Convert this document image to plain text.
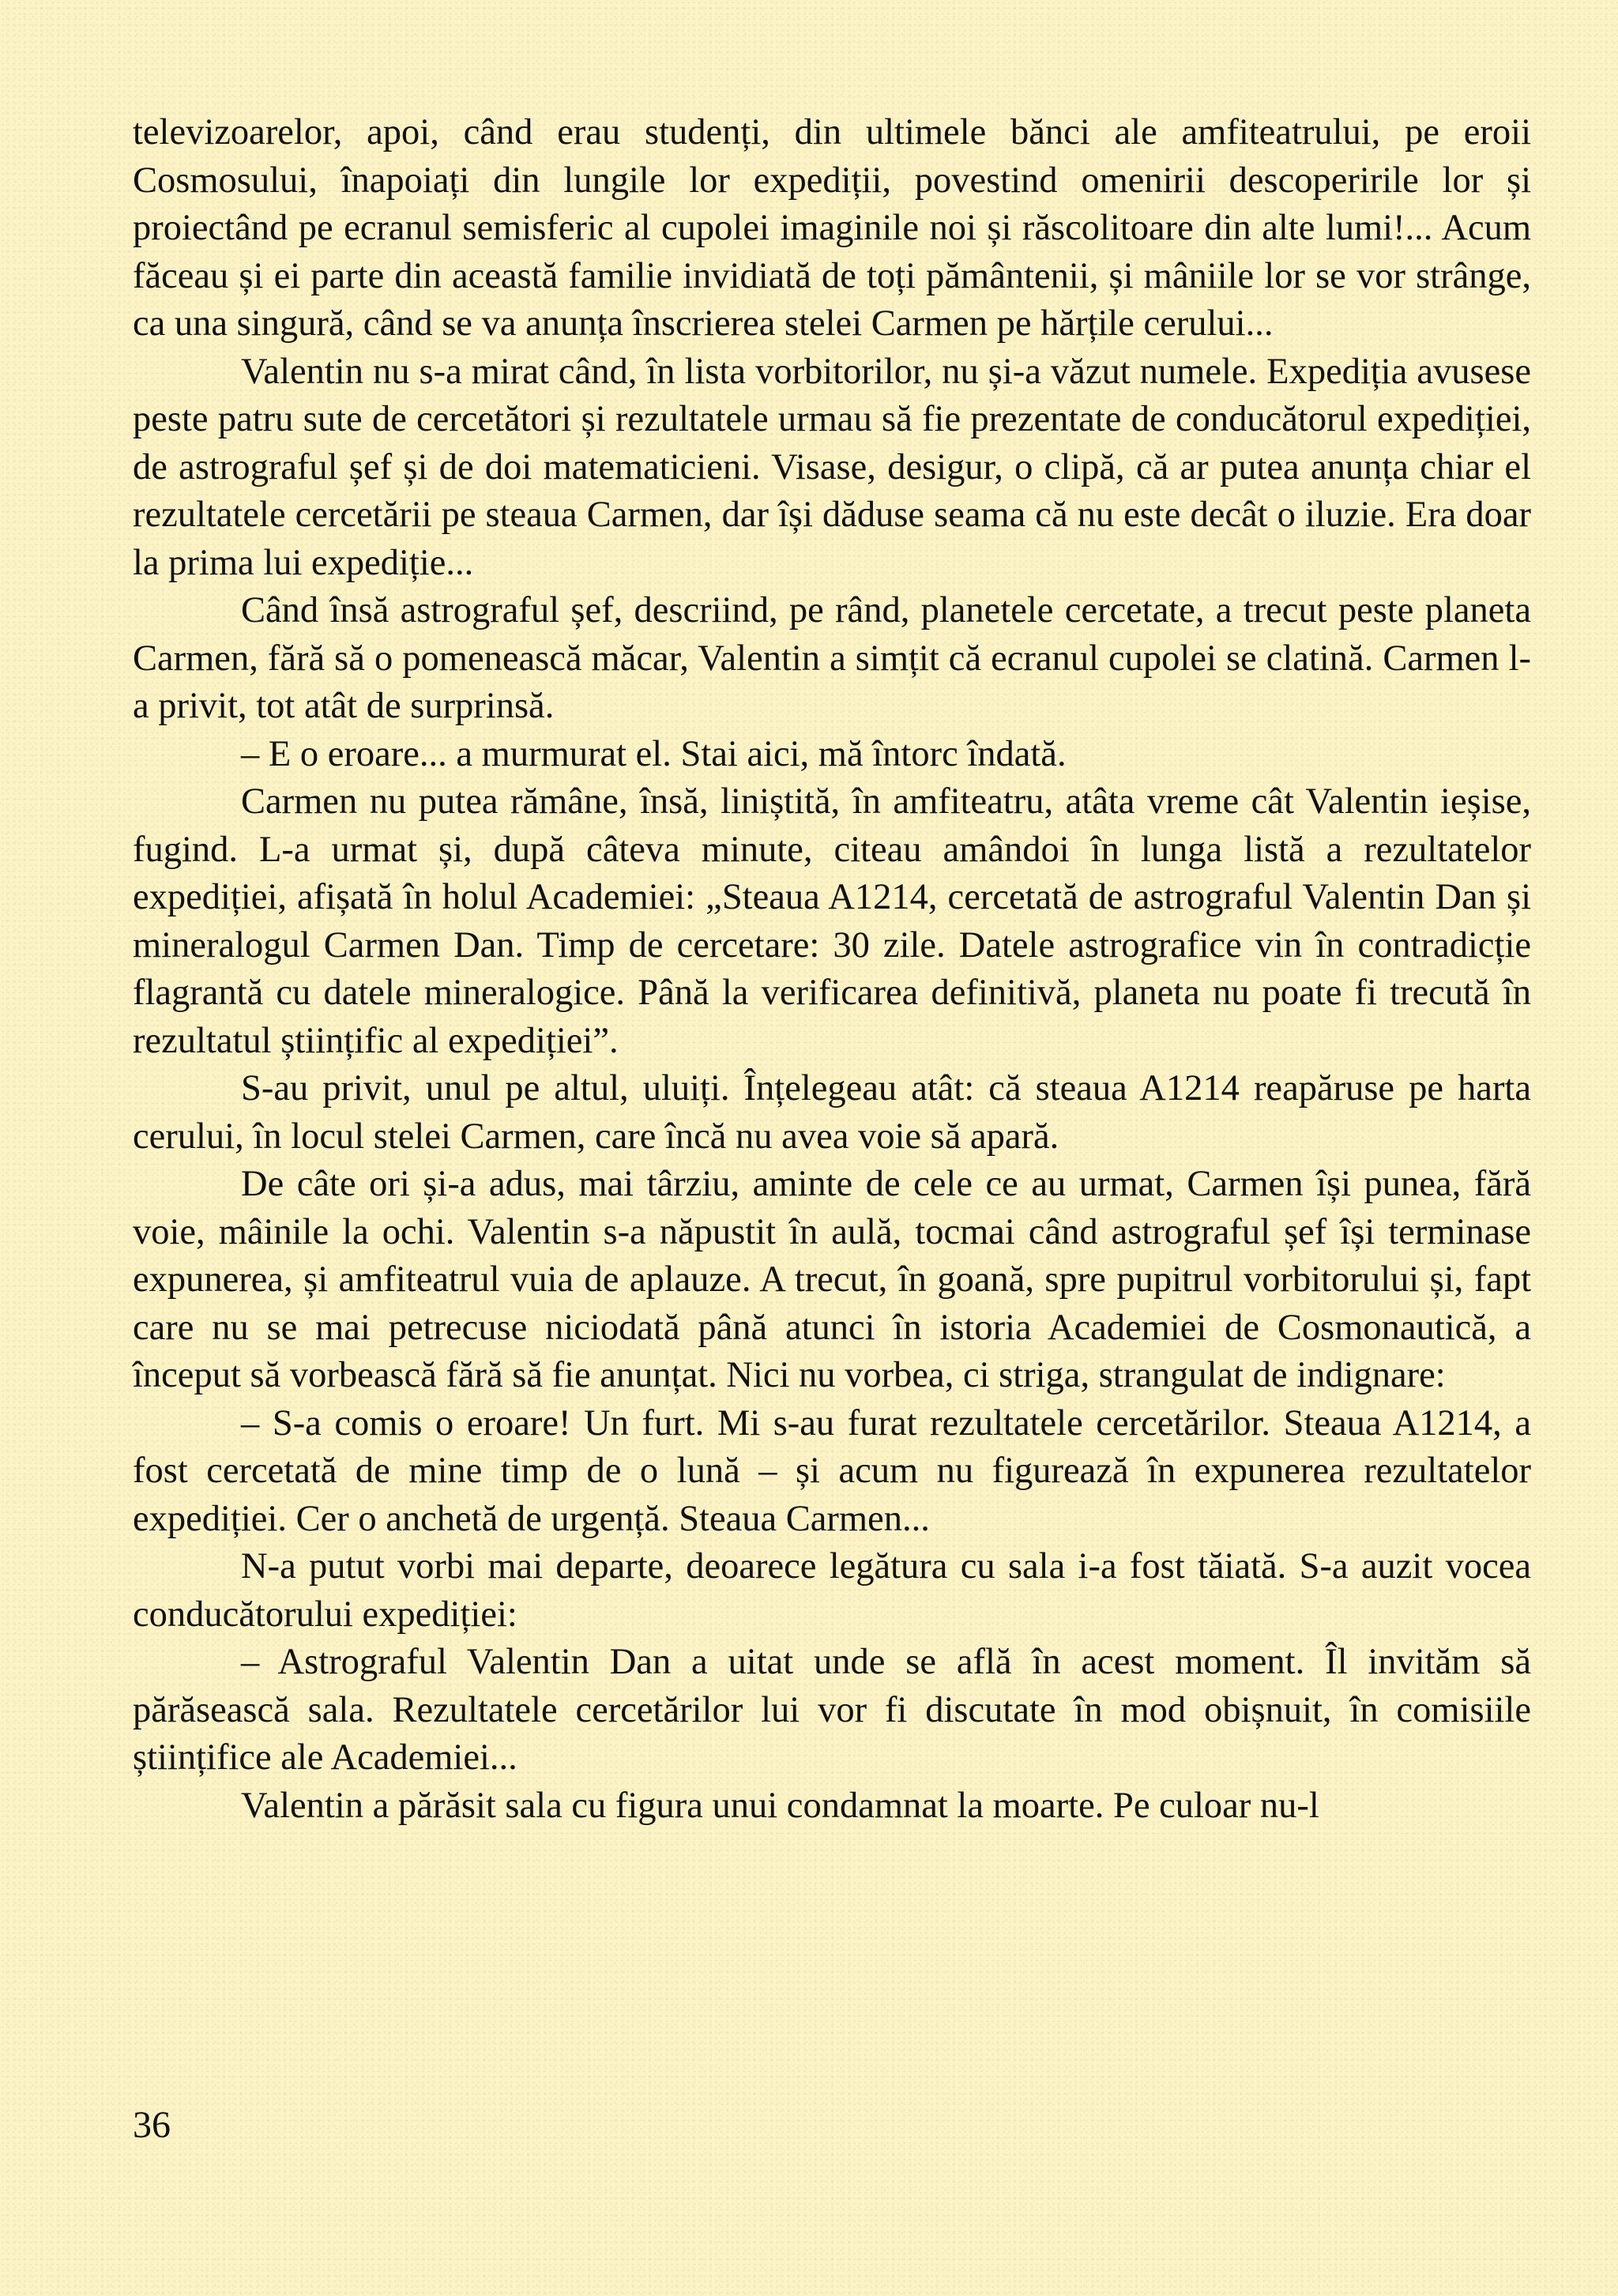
televizoarelor, apoi, când erau studenți, din ultimele bănci ale amfiteatrului, pe eroii Cosmosului, înapoiați din lungile lor expediții, povestind omenirii descoperirile lor și proiectând pe ecranul semisferic al cupolei imaginile noi și răscolitoare din alte lumi!... Acum făceau și ei parte din această familie invidiată de toți pământenii, și mâniile lor se vor strânge, ca una singură, când se va anunța înscrierea stelei Carmen pe hărțile cerului...

Valentin nu s-a mirat când, în lista vorbitorilor, nu și-a văzut numele. Expediția avusese peste patru sute de cercetători și rezultatele urmau să fie prezentate de conducătorul expediției, de astrograful șef și de doi matematicieni. Visase, desigur, o clipă, că ar putea anunța chiar el rezultatele cercetării pe steaua Carmen, dar își dăduse seama că nu este decât o iluzie. Era doar la prima lui expediție...

Când însă astrograful șef, descriind, pe rând, planetele cercetate, a trecut peste planeta Carmen, fără să o pomenească măcar, Valentin a simțit că ecranul cupolei se clatină. Carmen l-a privit, tot atât de surprinsă.

– E o eroare... a murmurat el. Stai aici, mă întorc îndată.

Carmen nu putea rămâne, însă, liniștită, în amfiteatru, atâta vreme cât Valentin ieșise, fugind. L-a urmat și, după câteva minute, citeau amândoi în lunga listă a rezultatelor expediției, afișată în holul Academiei: „Steaua A1214, cercetată de astrograful Valentin Dan și mineralogul Carmen Dan. Timp de cercetare: 30 zile. Datele astrografice vin în contradicție flagrantă cu datele mineralogice. Până la verificarea definitivă, planeta nu poate fi trecută în rezultatul științific al expediției”.

S-au privit, unul pe altul, uluiți. Înțelegeau atât: că steaua A1214 reapăruse pe harta cerului, în locul stelei Carmen, care încă nu avea voie să apară.

De câte ori și-a adus, mai târziu, aminte de cele ce au urmat, Carmen își punea, fără voie, mâinile la ochi. Valentin s-a năpustit în aulă, tocmai când astrograful șef își terminase expunerea, și amfiteatrul vuia de aplauze. A trecut, în goană, spre pupitrul vorbitorului și, fapt care nu se mai petrecuse niciodată până atunci în istoria Academiei de Cosmonautică, a început să vorbească fără să fie anunțat. Nici nu vorbea, ci striga, strangulat de indignare:

– S-a comis o eroare! Un furt. Mi s-au furat rezultatele cercetărilor. Steaua A1214, a fost cercetată de mine timp de o lună – și acum nu figurează în expunerea rezultatelor expediției. Cer o anchetă de urgență. Steaua Carmen...

N-a putut vorbi mai departe, deoarece legătura cu sala i-a fost tăiată. S-a auzit vocea conducătorului expediției:

– Astrograful Valentin Dan a uitat unde se află în acest moment. Îl invităm să părăsească sala. Rezultatele cercetărilor lui vor fi discutate în mod obișnuit, în comisiile științifice ale Academiei...

Valentin a părăsit sala cu figura unui condamnat la moarte. Pe culoar nu-l

36
